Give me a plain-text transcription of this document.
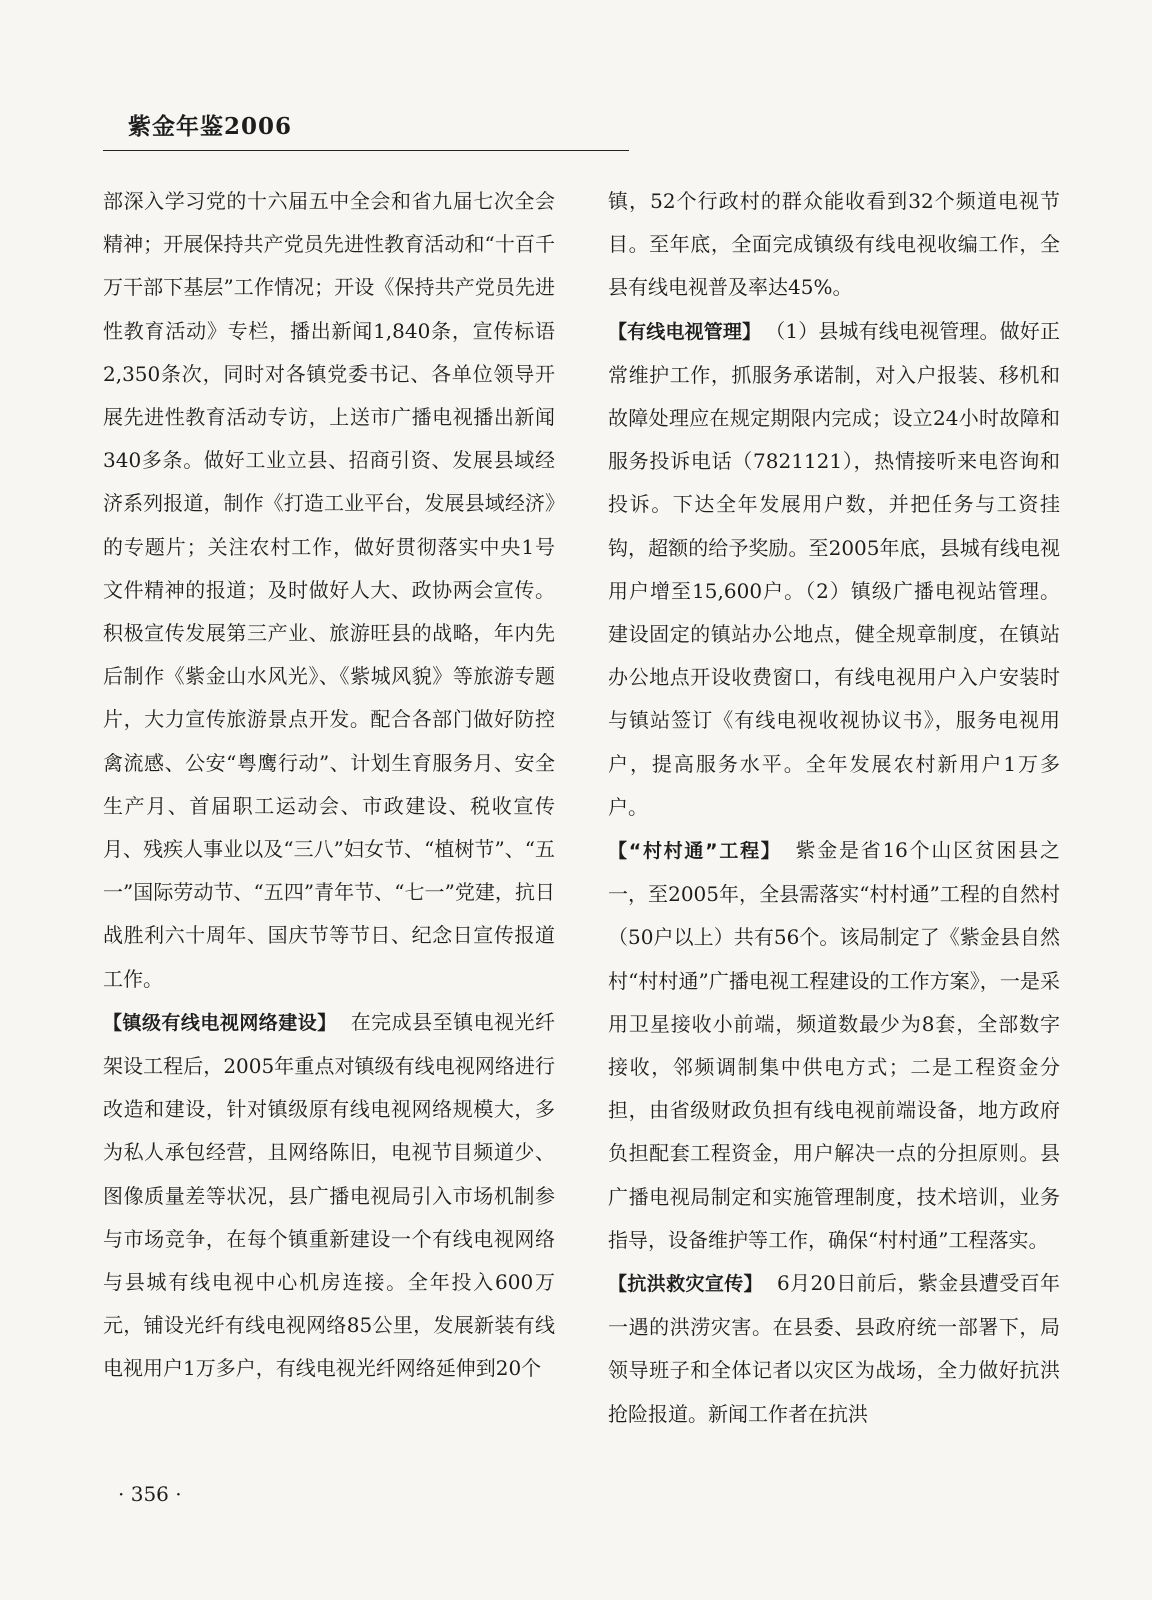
紫金年鉴2006

部深入学习党的十六届五中全会和省九届七次全会精神；开展保持共产党员先进性教育活动和“十百千万干部下基层”工作情况；开设《保持共产党员先进性教育活动》专栏，播出新闻1,840条，宣传标语2,350条次，同时对各镇党委书记、各单位领导开展先进性教育活动专访，上送市广播电视播出新闻340多条。做好工业立县、招商引资、发展县域经济系列报道，制作《打造工业平台，发展县域经济》的专题片；关注农村工作，做好贯彻落实中央1号文件精神的报道；及时做好人大、政协两会宣传。积极宣传发展第三产业、旅游旺县的战略，年内先后制作《紫金山水风光》、《紫城风貌》等旅游专题片，大力宣传旅游景点开发。配合各部门做好防控禽流感、公安“粤鹰行动”、计划生育服务月、安全生产月、首届职工运动会、市政建设、税收宣传月、残疾人事业以及“三八”妇女节、“植树节”、“五一”国际劳动节、“五四”青年节、“七一”党建，抗日战胜利六十周年、国庆节等节日、纪念日宣传报道工作。

【镇级有线电视网络建设】 在完成县至镇电视光纤架设工程后，2005年重点对镇级有线电视网络进行改造和建设，针对镇级原有线电视网络规模大，多为私人承包经营，且网络陈旧，电视节目频道少、图像质量差等状况，县广播电视局引入市场机制参与市场竞争，在每个镇重新建设一个有线电视网络与县城有线电视中心机房连接。全年投入600万元，铺设光纤有线电视网络85公里，发展新装有线电视用户1万多户，有线电视光纤网络延伸到20个

镇，52个行政村的群众能收看到32个频道电视节目。至年底，全面完成镇级有线电视收编工作，全县有线电视普及率达45%。

【有线电视管理】 （1）县城有线电视管理。做好正常维护工作，抓服务承诺制，对入户报装、移机和故障处理应在规定期限内完成；设立24小时故障和服务投诉电话（7821121），热情接听来电咨询和投诉。下达全年发展用户数，并把任务与工资挂钩，超额的给予奖励。至2005年底，县城有线电视用户增至15,600户。（2）镇级广播电视站管理。建设固定的镇站办公地点，健全规章制度，在镇站办公地点开设收费窗口，有线电视用户入户安装时与镇站签订《有线电视收视协议书》，服务电视用户，提高服务水平。全年发展农村新用户1万多户。

【“村村通”工程】 紫金是省16个山区贫困县之一，至2005年，全县需落实“村村通”工程的自然村（50户以上）共有56个。该局制定了《紫金县自然村“村村通”广播电视工程建设的工作方案》，一是采用卫星接收小前端，频道数最少为8套，全部数字接收，邻频调制集中供电方式；二是工程资金分担，由省级财政负担有线电视前端设备，地方政府负担配套工程资金，用户解决一点的分担原则。县广播电视局制定和实施管理制度，技术培训，业务指导，设备维护等工作，确保“村村通”工程落实。

【抗洪救灾宣传】 6月20日前后，紫金县遭受百年一遇的洪涝灾害。在县委、县政府统一部署下，局领导班子和全体记者以灾区为战场，全力做好抗洪抢险报道。新闻工作者在抗洪

· 356 ·
